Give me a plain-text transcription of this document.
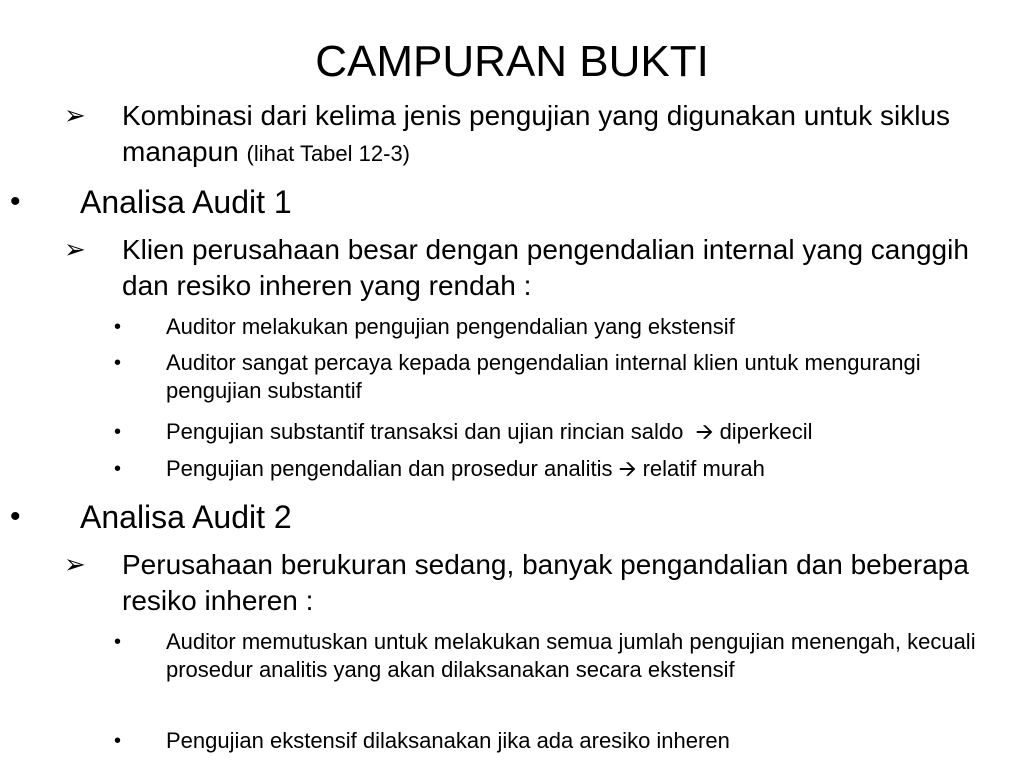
CAMPURAN BUKTI
➢ Kombinasi dari kelima jenis pengujian yang digunakan untuk siklus manapun (lihat Tabel 12-3)
• Analisa Audit 1
➢ Klien perusahaan besar dengan pengendalian internal yang canggih dan resiko inheren yang rendah :
• Auditor melakukan pengujian pengendalian yang ekstensif
• Auditor sangat percaya kepada pengendalian internal klien untuk mengurangi pengujian substantif
• Pengujian substantif transaksi dan ujian rincian saldo 🡪 diperkecil
• Pengujian pengendalian dan prosedur analitis 🡪 relatif murah
• Analisa Audit 2
➢ Perusahaan berukuran sedang, banyak pengandalian dan beberapa resiko inheren :
• Auditor memutuskan untuk melakukan semua jumlah pengujian menengah, kecuali prosedur analitis yang akan dilaksanakan secara ekstensif
• Pengujian ekstensif dilaksanakan jika ada aresiko inheren
